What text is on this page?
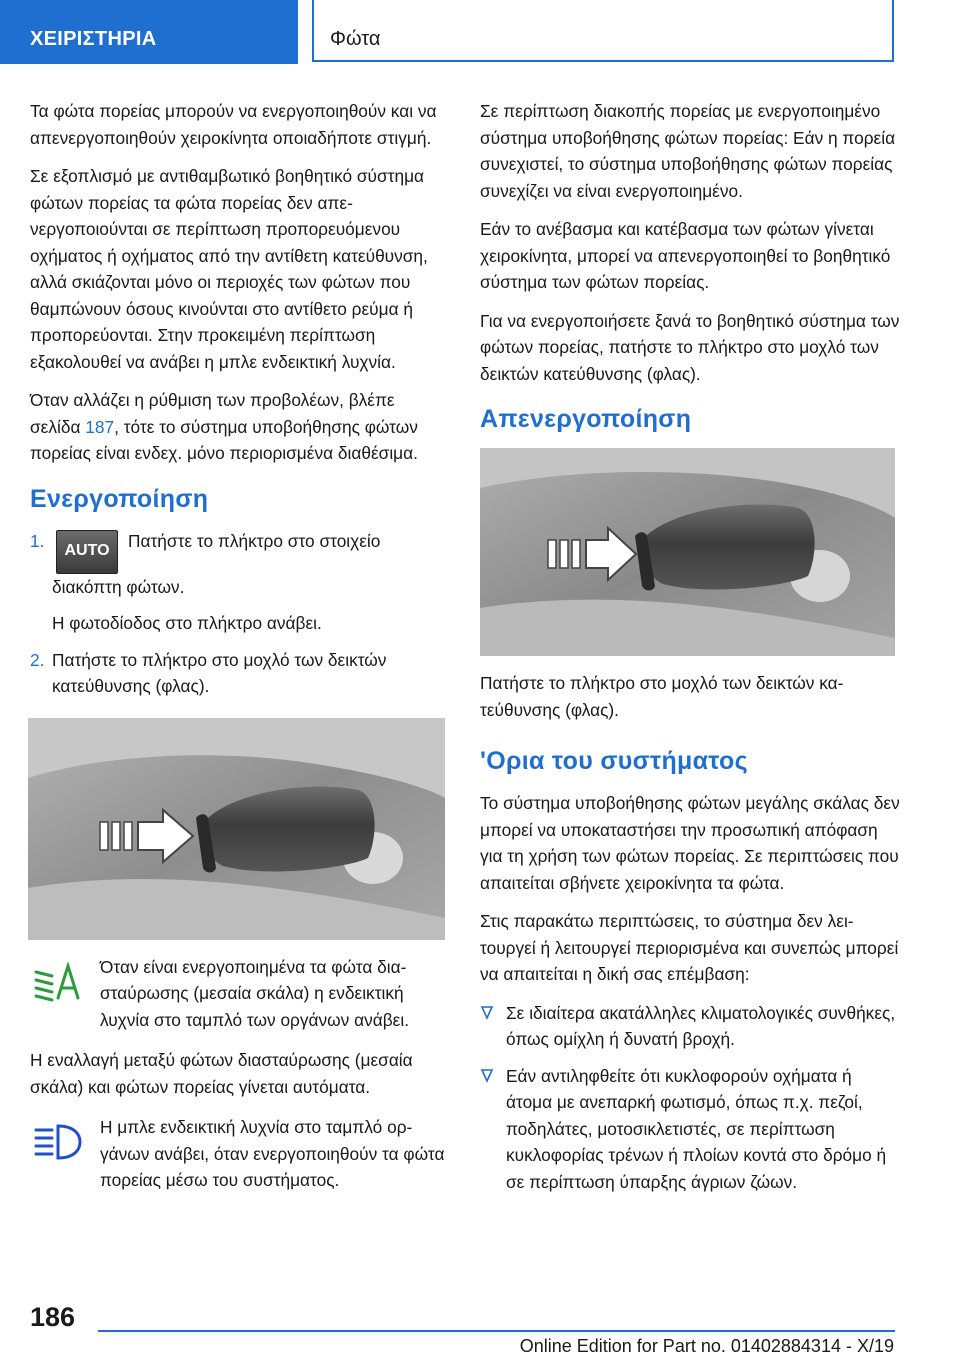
ΧΕΙΡΙΣΤΗΡΙΑ	Φώτα

Τα φώτα πορείας μπορούν να ενεργοποιηθούν και να απενεργοποιηθούν χειροκίνητα οποιαδήποτε στιγμή.

Σε εξοπλισμό με αντιθαμβωτικό βοηθητικό σύστημα φώτων πορείας τα φώτα πορείας δεν απενεργοποιούνται σε περίπτωση προπορευόμενου οχήματος ή οχήματος από την αντίθετη κατεύθυνση, αλλά σκιάζονται μόνο οι περιοχές των φώτων που θαμπώνουν όσους κινούνται στο αντίθετο ρεύμα ή προπορεύονται. Στην προκειμένη περίπτωση εξακολουθεί να ανάβει η μπλε ενδεικτική λυχνία.

Όταν αλλάζει η ρύθμιση των προβολέων, βλέπε σελίδα 187, τότε το σύστημα υποβοήθησης φώτων πορείας είναι ενδεχ. μόνο περιορισμένα διαθέσιμα.

Ενεργοποίηση
1. AUTO Πατήστε το πλήκτρο στο στοιχείο διακόπτη φώτων.
Η φωτοδίοδος στο πλήκτρο ανάβει.
2. Πατήστε το πλήκτρο στο μοχλό των δεικτών κατεύθυνσης (φλας).
Όταν είναι ενεργοποιημένα τα φώτα διασταύρωσης (μεσαία σκάλα) η ενδεικτική λυχνία στο ταμπλό των οργάνων ανάβει.

Η εναλλαγή μεταξύ φώτων διασταύρωσης (μεσαία σκάλα) και φώτων πορείας γίνεται αυτόματα.

Η μπλε ενδεικτική λυχνία στο ταμπλό οργάνων ανάβει, όταν ενεργοποιηθούν τα φώτα πορείας μέσω του συστήματος.

Σε περίπτωση διακοπής πορείας με ενεργοποιημένο σύστημα υποβοήθησης φώτων πορείας: Εάν η πορεία συνεχιστεί, το σύστημα υποβοήθησης φώτων πορείας συνεχίζει να είναι ενεργοποιημένο.

Εάν το ανέβασμα και κατέβασμα των φώτων γίνεται χειροκίνητα, μπορεί να απενεργοποιηθεί το βοηθητικό σύστημα των φώτων πορείας.

Για να ενεργοποιήσετε ξανά το βοηθητικό σύστημα των φώτων πορείας, πατήστε το πλήκτρο στο μοχλό των δεικτών κατεύθυνσης (φλας).

Απενεργοποίηση

Πατήστε το πλήκτρο στο μοχλό των δεικτών κατεύθυνσης (φλας).

'Ορια του συστήματος

Το σύστημα υποβοήθησης φώτων μεγάλης σκάλας δεν μπορεί να υποκαταστήσει την προσωπική απόφαση για τη χρήση των φώτων πορείας. Σε περιπτώσεις που απαιτείται σβήνετε χειροκίνητα τα φώτα.

Στις παρακάτω περιπτώσεις, το σύστημα δεν λειτουργεί ή λειτουργεί περιορισμένα και συνεπώς μπορεί να απαιτείται η δική σας επέμβαση:

Σε ιδιαίτερα ακατάλληλες κλιματολογικές συνθήκες, όπως ομίχλη ή δυνατή βροχή.
Εάν αντιληφθείτε ότι κυκλοφορούν οχήματα ή άτομα με ανεπαρκή φωτισμό, όπως π.χ. πεζοί, ποδηλάτες, μοτοσικλετιστές, σε περίπτωση κυκλοφορίας τρένων ή πλοίων κοντά στο δρόμο ή σε περίπτωση ύπαρξης άγριων ζώων.
186
Online Edition for Part no. 01402884314 - X/19
